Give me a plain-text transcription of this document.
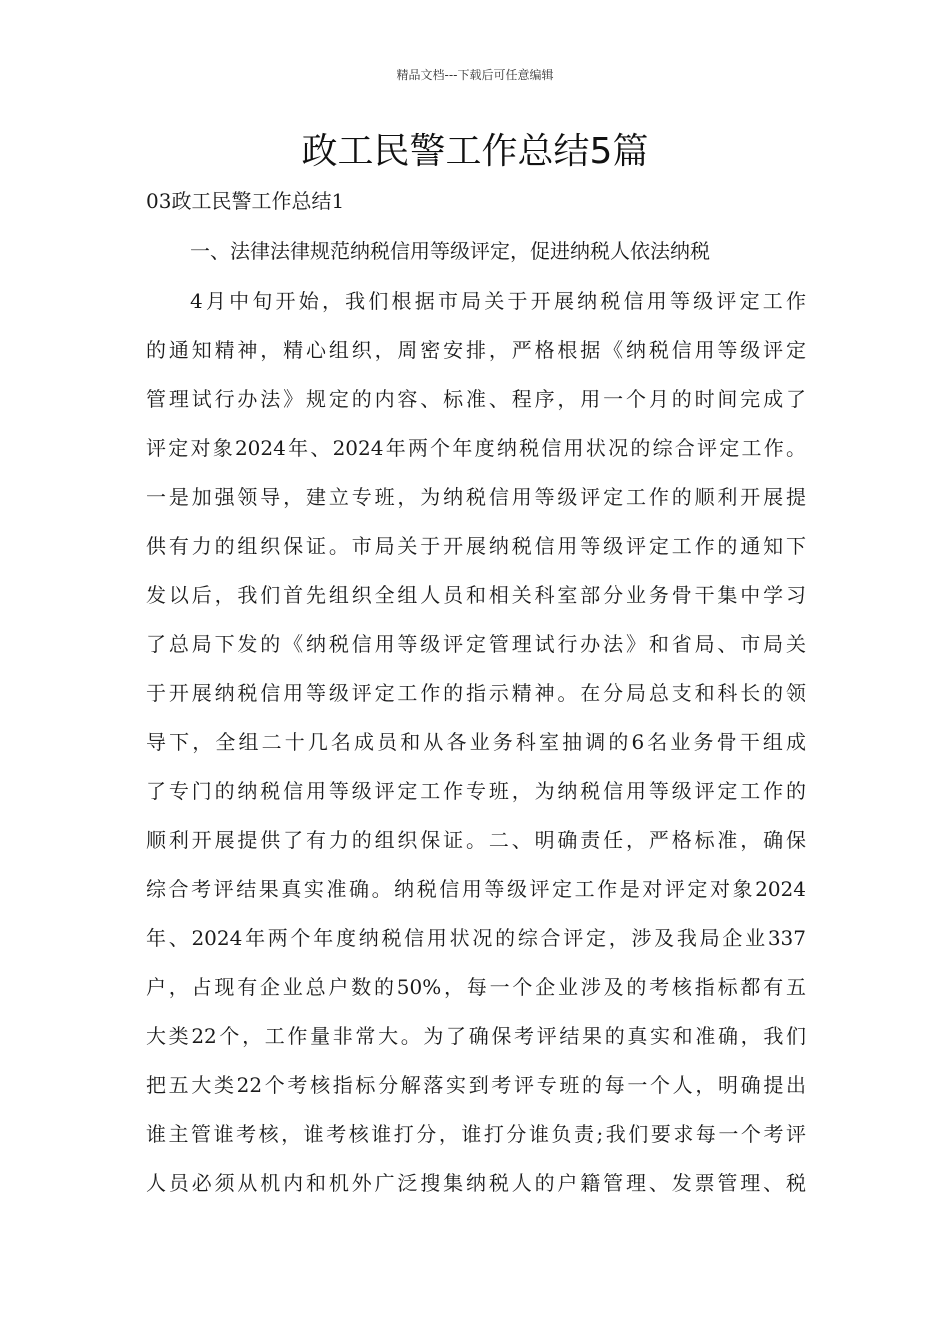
精品文档---下载后可任意编辑
政工民警工作总结5篇
03政工民警工作总结1
一、法律法律规范纳税信用等级评定，促进纳税人依法纳税
4月中旬开始，我们根据市局关于开展纳税信用等级评定工作
的通知精神，精心组织，周密安排，严格根据《纳税信用等级评定
管理试行办法》规定的内容、标准、程序，用一个月的时间完成了
评定对象2024年、2024年两个年度纳税信用状况的综合评定工作。
一是加强领导，建立专班，为纳税信用等级评定工作的顺利开展提
供有力的组织保证。市局关于开展纳税信用等级评定工作的通知下
发以后，我们首先组织全组人员和相关科室部分业务骨干集中学习
了总局下发的《纳税信用等级评定管理试行办法》和省局、市局关
于开展纳税信用等级评定工作的指示精神。在分局总支和科长的领
导下，全组二十几名成员和从各业务科室抽调的6名业务骨干组成
了专门的纳税信用等级评定工作专班，为纳税信用等级评定工作的
顺利开展提供了有力的组织保证。二、明确责任，严格标准，确保
综合考评结果真实准确。纳税信用等级评定工作是对评定对象2024
年、2024年两个年度纳税信用状况的综合评定，涉及我局企业337
户，占现有企业总户数的50%，每一个企业涉及的考核指标都有五
大类22个，工作量非常大。为了确保考评结果的真实和准确，我们
把五大类22个考核指标分解落实到考评专班的每一个人，明确提出
谁主管谁考核，谁考核谁打分，谁打分谁负责;我们要求每一个考评
人员必须从机内和机外广泛搜集纳税人的户籍管理、发票管理、税
